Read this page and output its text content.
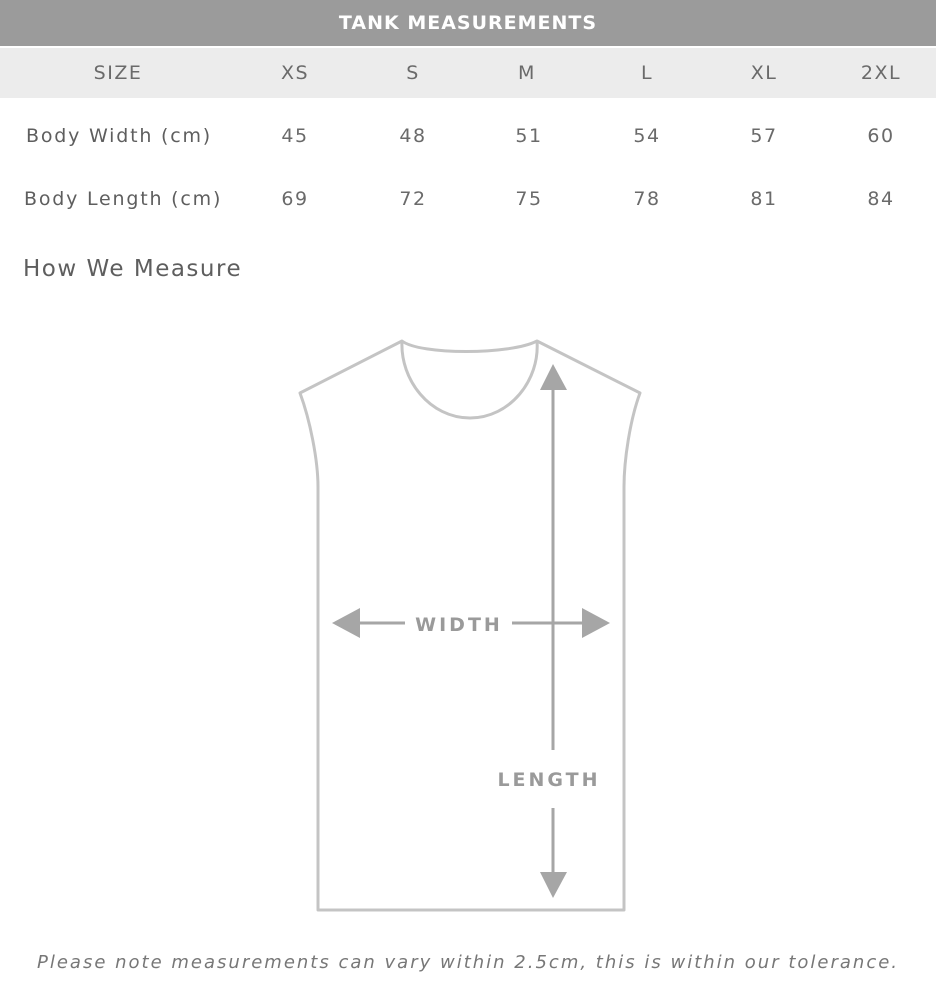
TANK MEASUREMENTS
SIZE	XS	S	M	L	XL	2XL
Body Width (cm)	45	48	51	54	57	60
Body Length (cm)	69	72	75	78	81	84
How We Measure
WIDTH
LENGTH
Please note measurements can vary within 2.5cm, this is within our tolerance.
